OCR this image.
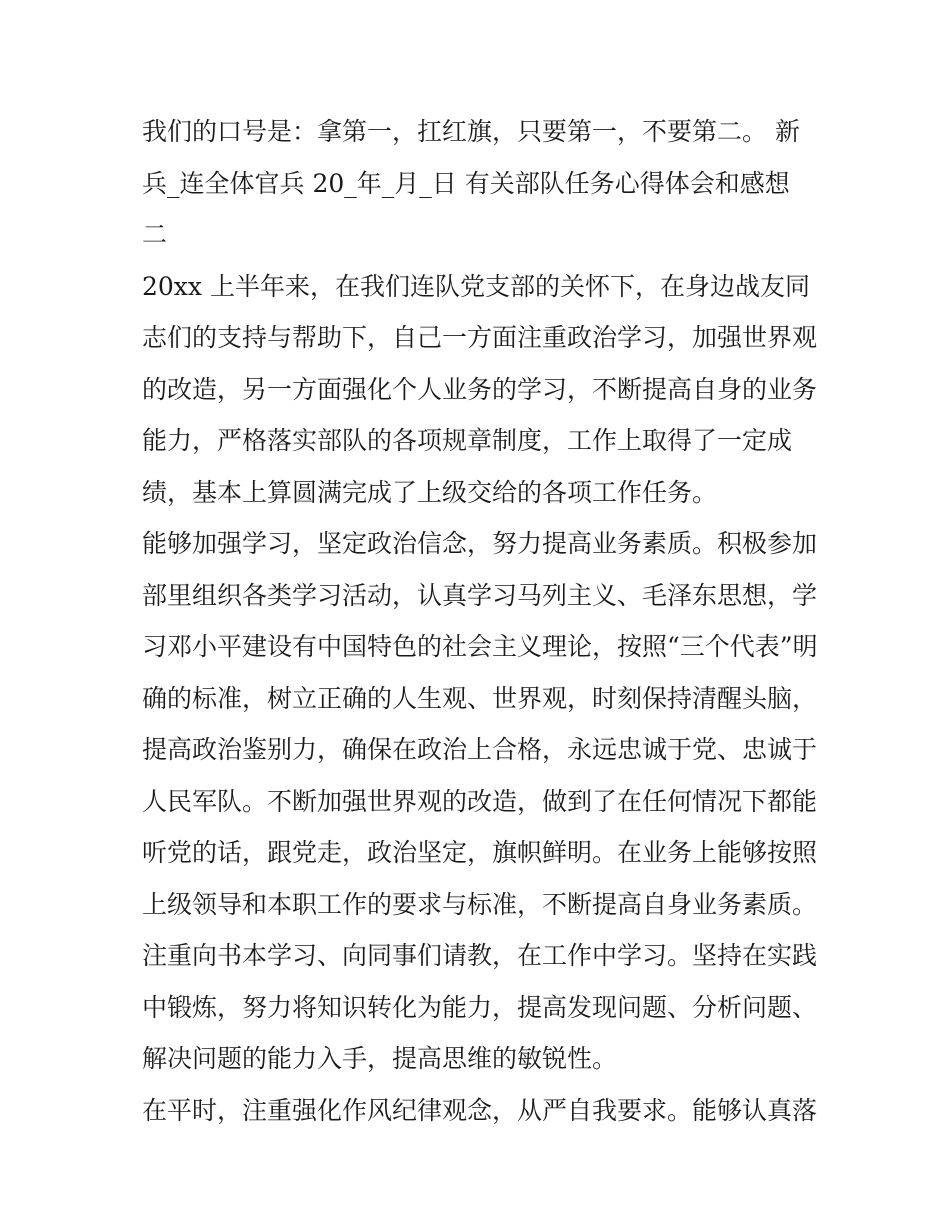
我们的口号是：拿第一，扛红旗，只要第一，不要第二。 新
兵_连全体官兵 20_年_月_日 有关部队任务心得体会和感想
二
20xx 上半年来，在我们连队党支部的关怀下，在身边战友同
志们的支持与帮助下，自己一方面注重政治学习，加强世界观
的改造，另一方面强化个人业务的学习，不断提高自身的业务
能力，严格落实部队的各项规章制度，工作上取得了一定成
绩，基本上算圆满完成了上级交给的各项工作任务。
能够加强学习，坚定政治信念，努力提高业务素质。积极参加
部里组织各类学习活动，认真学习马列主义、毛泽东思想，学
习邓小平建设有中国特色的社会主义理论，按照“三个代表”明
确的标准，树立正确的人生观、世界观，时刻保持清醒头脑，
提高政治鉴别力，确保在政治上合格，永远忠诚于党、忠诚于
人民军队。不断加强世界观的改造，做到了在任何情况下都能
听党的话，跟党走，政治坚定，旗帜鲜明。在业务上能够按照
上级领导和本职工作的要求与标准，不断提高自身业务素质。
注重向书本学习、向同事们请教，在工作中学习。坚持在实践
中锻炼，努力将知识转化为能力，提高发现问题、分析问题、
解决问题的能力入手，提高思维的敏锐性。
在平时，注重强化作风纪律观念，从严自我要求。能够认真落
